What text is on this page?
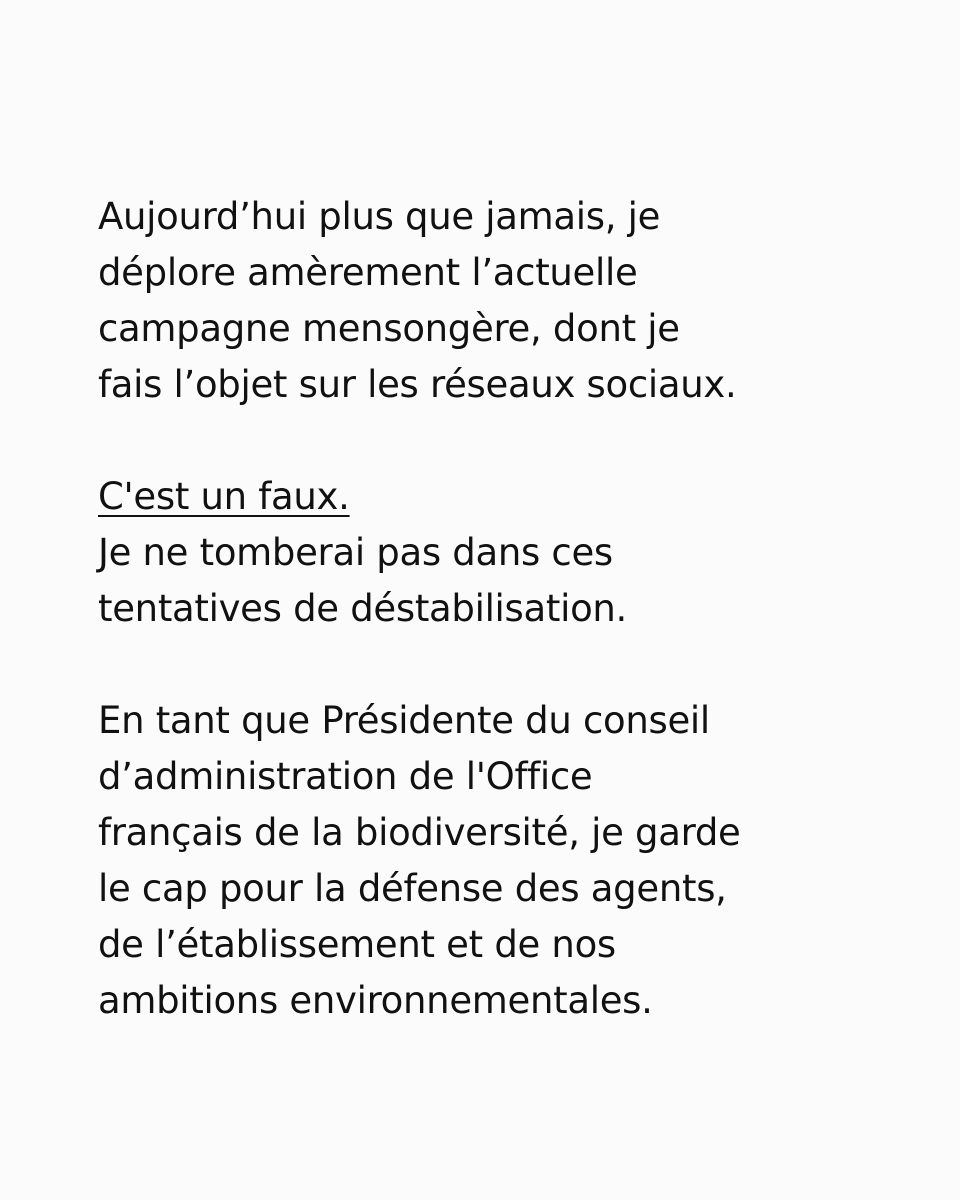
Aujourd’hui plus que jamais, je
déplore amèrement l’actuelle
campagne mensongère, dont je
fais l’objet sur les réseaux sociaux.
C'est un faux.
Je ne tomberai pas dans ces
tentatives de déstabilisation.
En tant que Présidente du conseil
d’administration de l'Office
français de la biodiversité, je garde
le cap pour la défense des agents,
de l’établissement et de nos
ambitions environnementales.
